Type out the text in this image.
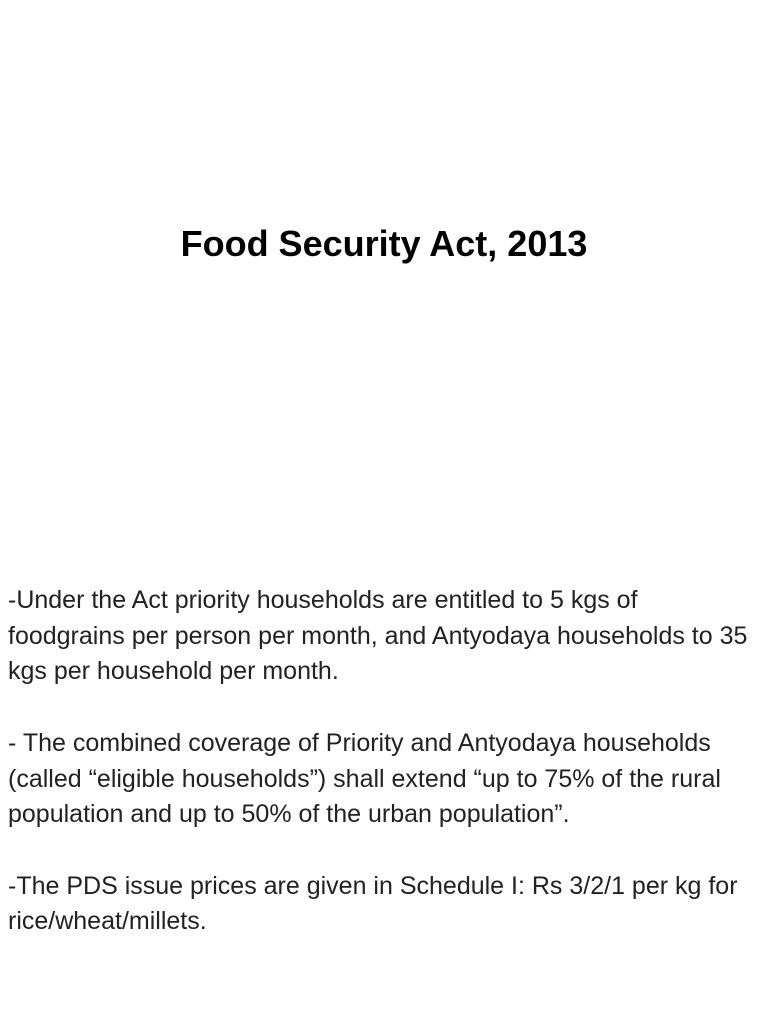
Food Security Act, 2013

-Under the Act priority households are entitled to 5 kgs of foodgrains per person per month, and Antyodaya households to 35 kgs per household per month.

- The combined coverage of Priority and Antyodaya households (called “eligible households”) shall extend “up to 75% of the rural population and up to 50% of the urban population”.

-The PDS issue prices are given in Schedule I: Rs 3/2/1 per kg for rice/wheat/millets.
